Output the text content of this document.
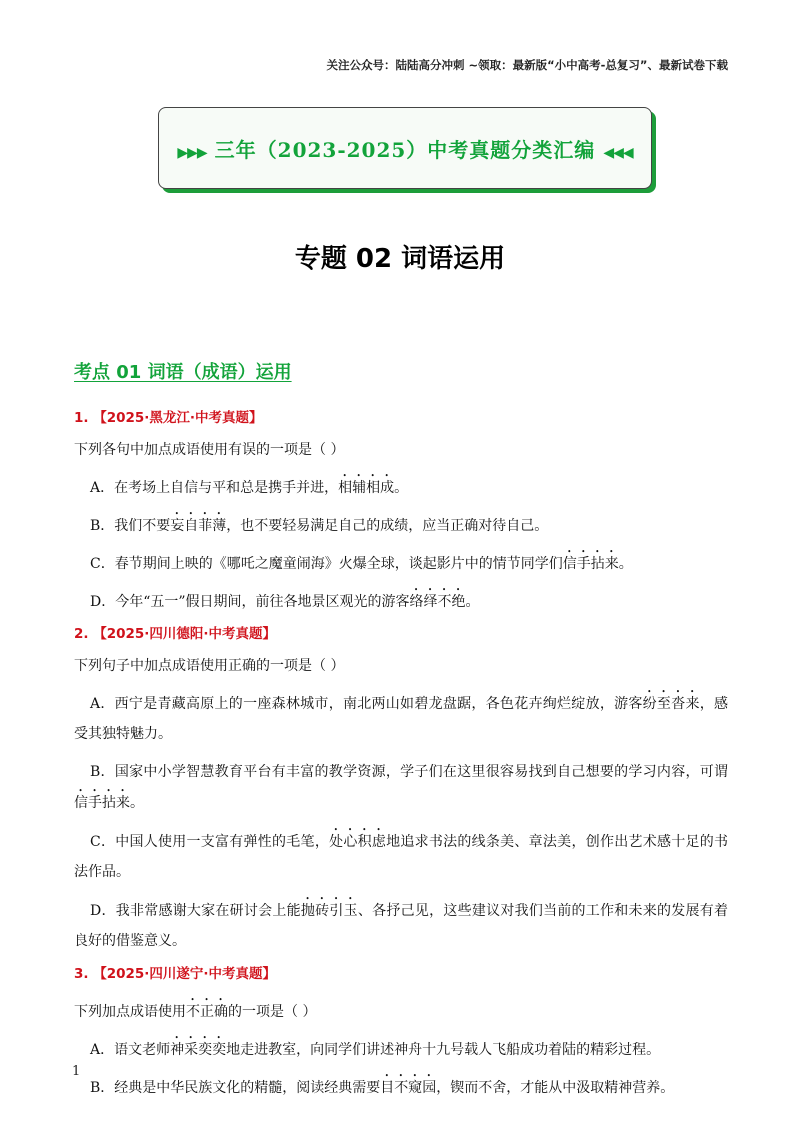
关注公众号：陆陆高分冲刺 ~领取：最新版“小中高考-总复习”、最新试卷下载
▶▶▶ 三年（2023-2025）中考真题分类汇编 ◀◀◀
专题 02 词语运用
考点 01 词语（成语）运用
1. 【2025·黑龙江·中考真题】
下列各句中加点成语使用有误的一项是（ ）
A．在考场上自信与平和总是携手并进，相辅相成。
B．我们不要妄自菲薄，也不要轻易满足自己的成绩，应当正确对待自己。
C．春节期间上映的《哪吒之魔童闹海》火爆全球，谈起影片中的情节同学们信手拈来。
D．今年“五一”假日期间，前往各地景区观光的游客络绎不绝。
2. 【2025·四川德阳·中考真题】
下列句子中加点成语使用正确的一项是（ ）
A．西宁是青藏高原上的一座森林城市，南北两山如碧龙盘踞，各色花卉绚烂绽放，游客纷至沓来，感受其独特魅力。
B．国家中小学智慧教育平台有丰富的教学资源，学子们在这里很容易找到自己想要的学习内容，可谓信手拈来。
C．中国人使用一支富有弹性的毛笔，处心积虑地追求书法的线条美、章法美，创作出艺术感十足的书法作品。
D．我非常感谢大家在研讨会上能抛砖引玉、各抒己见，这些建议对我们当前的工作和未来的发展有着良好的借鉴意义。
3. 【2025·四川遂宁·中考真题】
下列加点成语使用不正确的一项是（ ）
A．语文老师神采奕奕地走进教室，向同学们讲述神舟十九号载人飞船成功着陆的精彩过程。
B．经典是中华民族文化的精髓，阅读经典需要目不窥园，锲而不舍，才能从中汲取精神营养。
1
